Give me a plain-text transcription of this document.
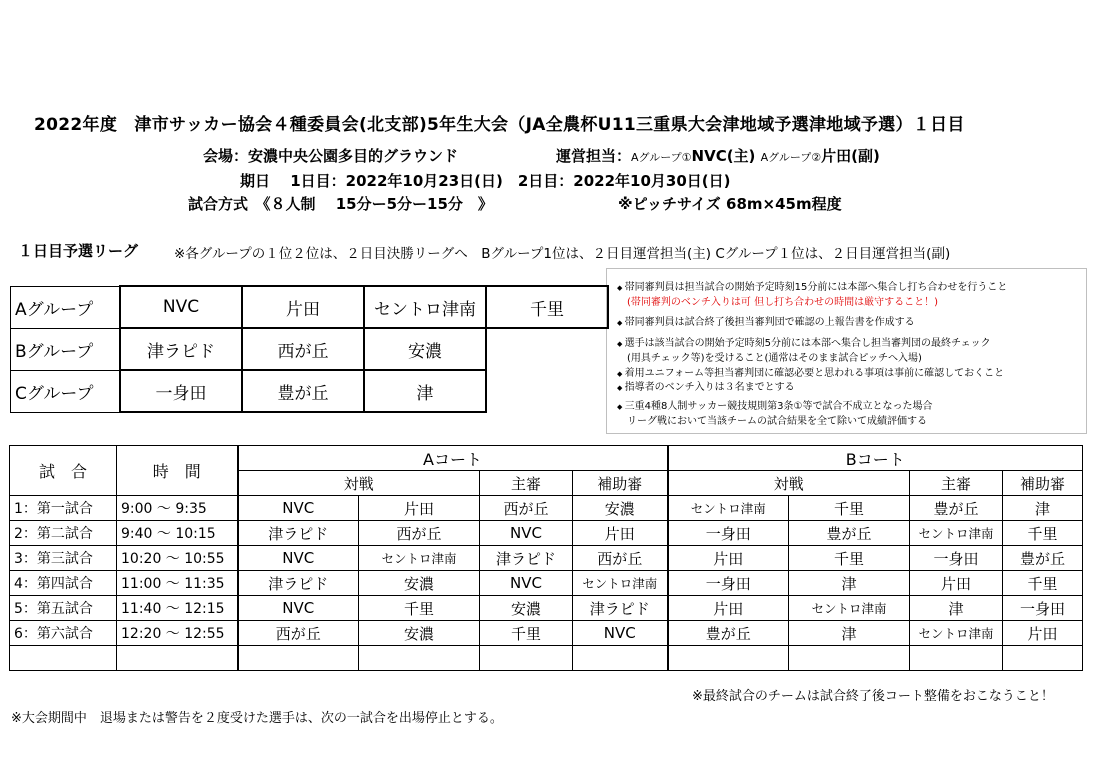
2022年度　津市サッカー協会４種委員会(北支部)5年生大会（JA全農杯U11三重県大会津地域予選津地域予選）１日目
会場：安濃中央公園多目的グラウンド	運営担当：Aグループ①NVC(主) Aグループ②片田(副)
期日　 1日目：2022年10月23日(日)　2日目：2022年10月30日(日)
試合方式　《８人制　 15分ー5分ー15分　》	※ピッチサイズ 68m×45m程度
１日目予選リーグ	※各グループの１位２位は、２日目決勝リーグへ　Bグループ1位は、２日目運営担当(主) Cグループ１位は、２日目運営担当(副)
◆ 帯同審判員は担当試合の開始予定時刻15分前には本部へ集合し打ち合わせを行うこと
(帯同審判のベンチ入りは可 但し打ち合わせの時間は厳守すること！)
◆ 帯同審判員は試合終了後担当審判団で確認の上報告書を作成する
◆ 選手は該当試合の開始予定時刻5分前には本部へ集合し担当審判団の最終チェック
(用具チェック等)を受けること(通常はそのまま試合ピッチへ入場)
◆ 着用ユニフォーム等担当審判団に確認必要と思われる事項は事前に確認しておくこと
◆ 指導者のベンチ入りは３名までとする
◆ 三重4種8人制サッカー競技規則第3条①等で試合不成立となった場合
リーグ戦において当該チームの試合結果を全て除いて成績評価する
Aグループ	NVC	片田	セントロ津南	千里
Bグループ	津ラピド	西が丘	安濃	
Cグループ	一身田	豊が丘	津	
試　合	時　間	Aコート				Bコート			
		対戦		主審	補助審	対戦		主審	補助審
1：第一試合	9:00 ～ 9:35	NVC	片田	西が丘	安濃	セントロ津南	千里	豊が丘	津
2：第二試合	9:40 ～ 10:15	津ラピド	西が丘	NVC	片田	一身田	豊が丘	セントロ津南	千里
3：第三試合	10:20 ～ 10:55	NVC	セントロ津南	津ラピド	西が丘	片田	千里	一身田	豊が丘
4：第四試合	11:00 ～ 11:35	津ラピド	安濃	NVC	セントロ津南	一身田	津	片田	千里
5：第五試合	11:40 ～ 12:15	NVC	千里	安濃	津ラピド	片田	セントロ津南	津	一身田
6：第六試合	12:20 ～ 12:55	西が丘	安濃	千里	NVC	豊が丘	津	セントロ津南	片田

※最終試合のチームは試合終了後コート整備をおこなうこと！
※大会期間中　退場または警告を２度受けた選手は、次の一試合を出場停止とする。
